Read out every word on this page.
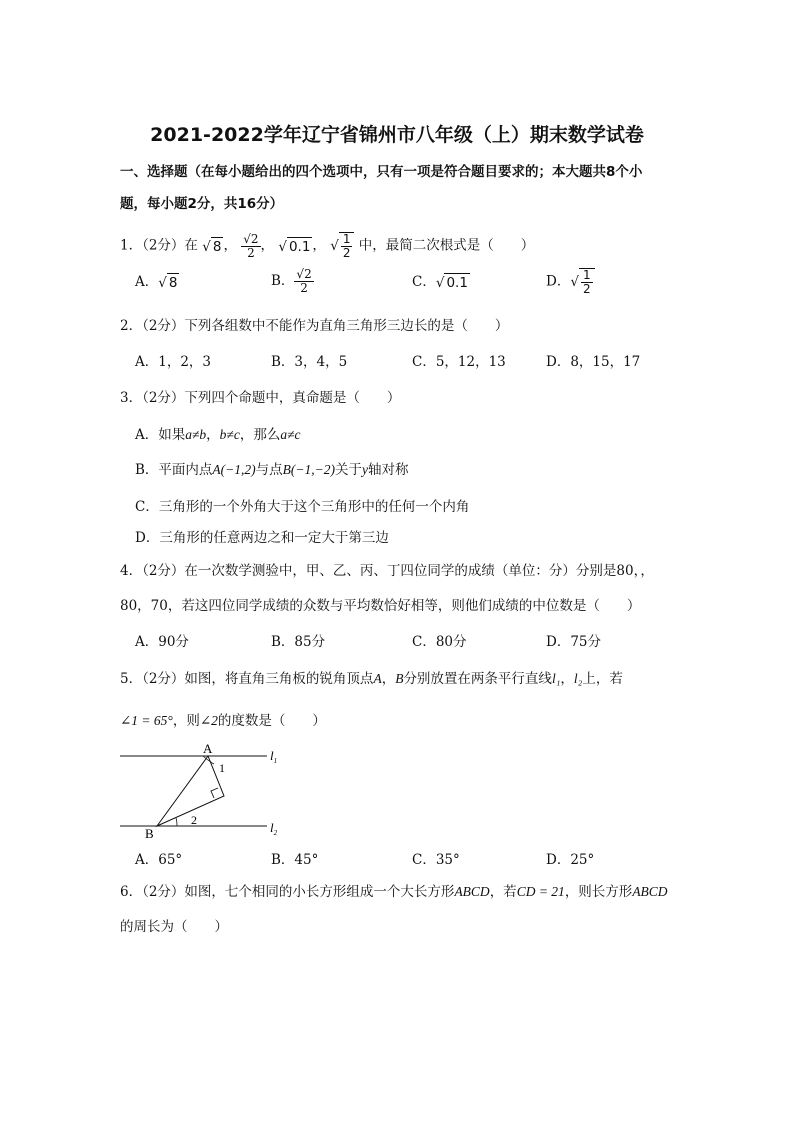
2021-2022学年辽宁省锦州市八年级（上）期末数学试卷
一、选择题（在每小题给出的四个选项中，只有一项是符合题目要求的；本大题共8个小
题，每小题2分，共16分）
1．（2分）在 √ 8 ， $\frac{√2}{2}$ ， √ 0.1 ， √ $\frac{1}{2}$ 中，最简二次根式是（　　）
A．√ 8	B． $\frac{√2}{2}$	C．√ 0.1	D．√ $\frac{1}{2}$
2．（2分）下列各组数中不能作为直角三角形三边长的是（　　）
A．1，2，3	B．3，4，5	C．5，12，13	D．8，15，17
3．（2分）下列四个命题中，真命题是（　　）
A．如果a≠b，b≠c，那么a≠c
B．平面内点A(−1,2)与点B(−1,−2)关于y轴对称
C．三角形的一个外角大于这个三角形中的任何一个内角
D．三角形的任意两边之和一定大于第三边
4．（2分）在一次数学测验中，甲、乙、丙、丁四位同学的成绩（单位：分）分别是80，，
80，70，若这四位同学成绩的众数与平均数恰好相等，则他们成绩的中位数是（　　）
A．90分	B．85分	C．80分	D．75分
5．（2分）如图，将直角三角板的锐角顶点A，B分别放置在两条平行直线l₁，l₂上，若
∠1 = 65°，则∠2的度数是（　　）
A
B
1
2
$l_1$
$l_2$
A．65°	B．45°	C．35°	D．25°
6．（2分）如图，七个相同的小长方形组成一个大长方形ABCD，若CD = 21，则长方形ABCD
的周长为（　　）
